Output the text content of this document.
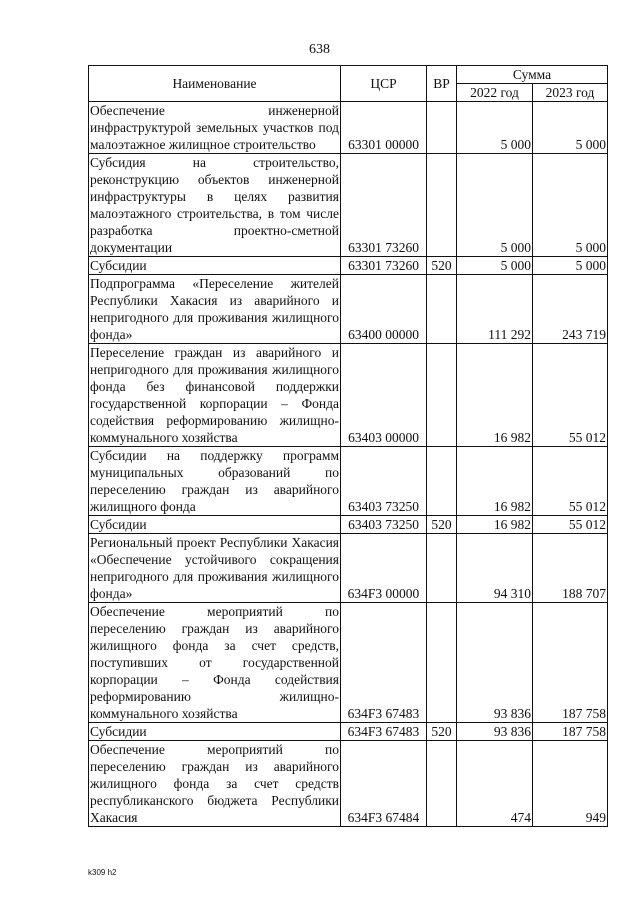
638
Наименование	ЦСР	ВР	Сумма	
			2022 год	2023 год
Обеспечение инженерной инфраструктурой земельных участков под малоэтажное жилищное строительство	63301 00000		5 000	5 000
Субсидия на строительство, реконструкцию объектов инженерной инфраструктуры в целях развития малоэтажного строительства, в том числе разработка проектно-сметной документации	63301 73260		5 000	5 000
Субсидии	63301 73260	520	5 000	5 000
Подпрограмма «Переселение жителей Республики Хакасия из аварийного и непригодного для проживания жилищного фонда»	63400 00000		111 292	243 719
Переселение граждан из аварийного и непригодного для проживания жилищного фонда без финансовой поддержки государственной корпорации – Фонда содействия реформированию жилищно-коммунального хозяйства	63403 00000		16 982	55 012
Субсидии на поддержку программ муниципальных образований по переселению граждан из аварийного жилищного фонда	63403 73250		16 982	55 012
Субсидии	63403 73250	520	16 982	55 012
Региональный проект Республики Хакасия «Обеспечение устойчивого сокращения непригодного для проживания жилищного фонда»	634F3 00000		94 310	188 707
Обеспечение мероприятий по переселению граждан из аварийного жилищного фонда за счет средств, поступивших от государственной корпорации – Фонда содействия реформированию жилищно-коммунального хозяйства	634F3 67483		93 836	187 758
Субсидии	634F3 67483	520	93 836	187 758
Обеспечение мероприятий по переселению граждан из аварийного жилищного фонда за счет средств республиканского бюджета Республики Хакасия	634F3 67484		474	949
k309 h2
